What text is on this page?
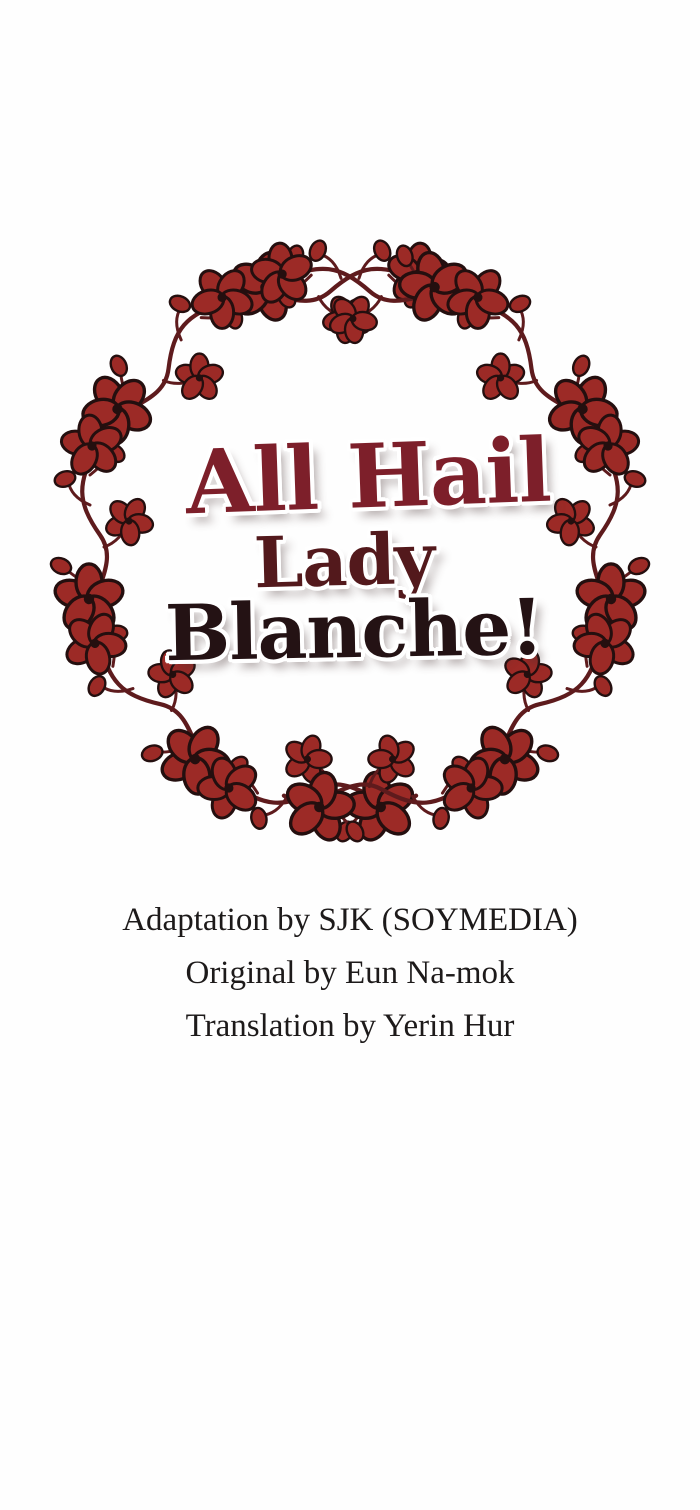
All Hail
Lady
Blanche!
Adaptation by SJK (SOYMEDIA)
Original by Eun Na-mok
Translation by Yerin Hur
